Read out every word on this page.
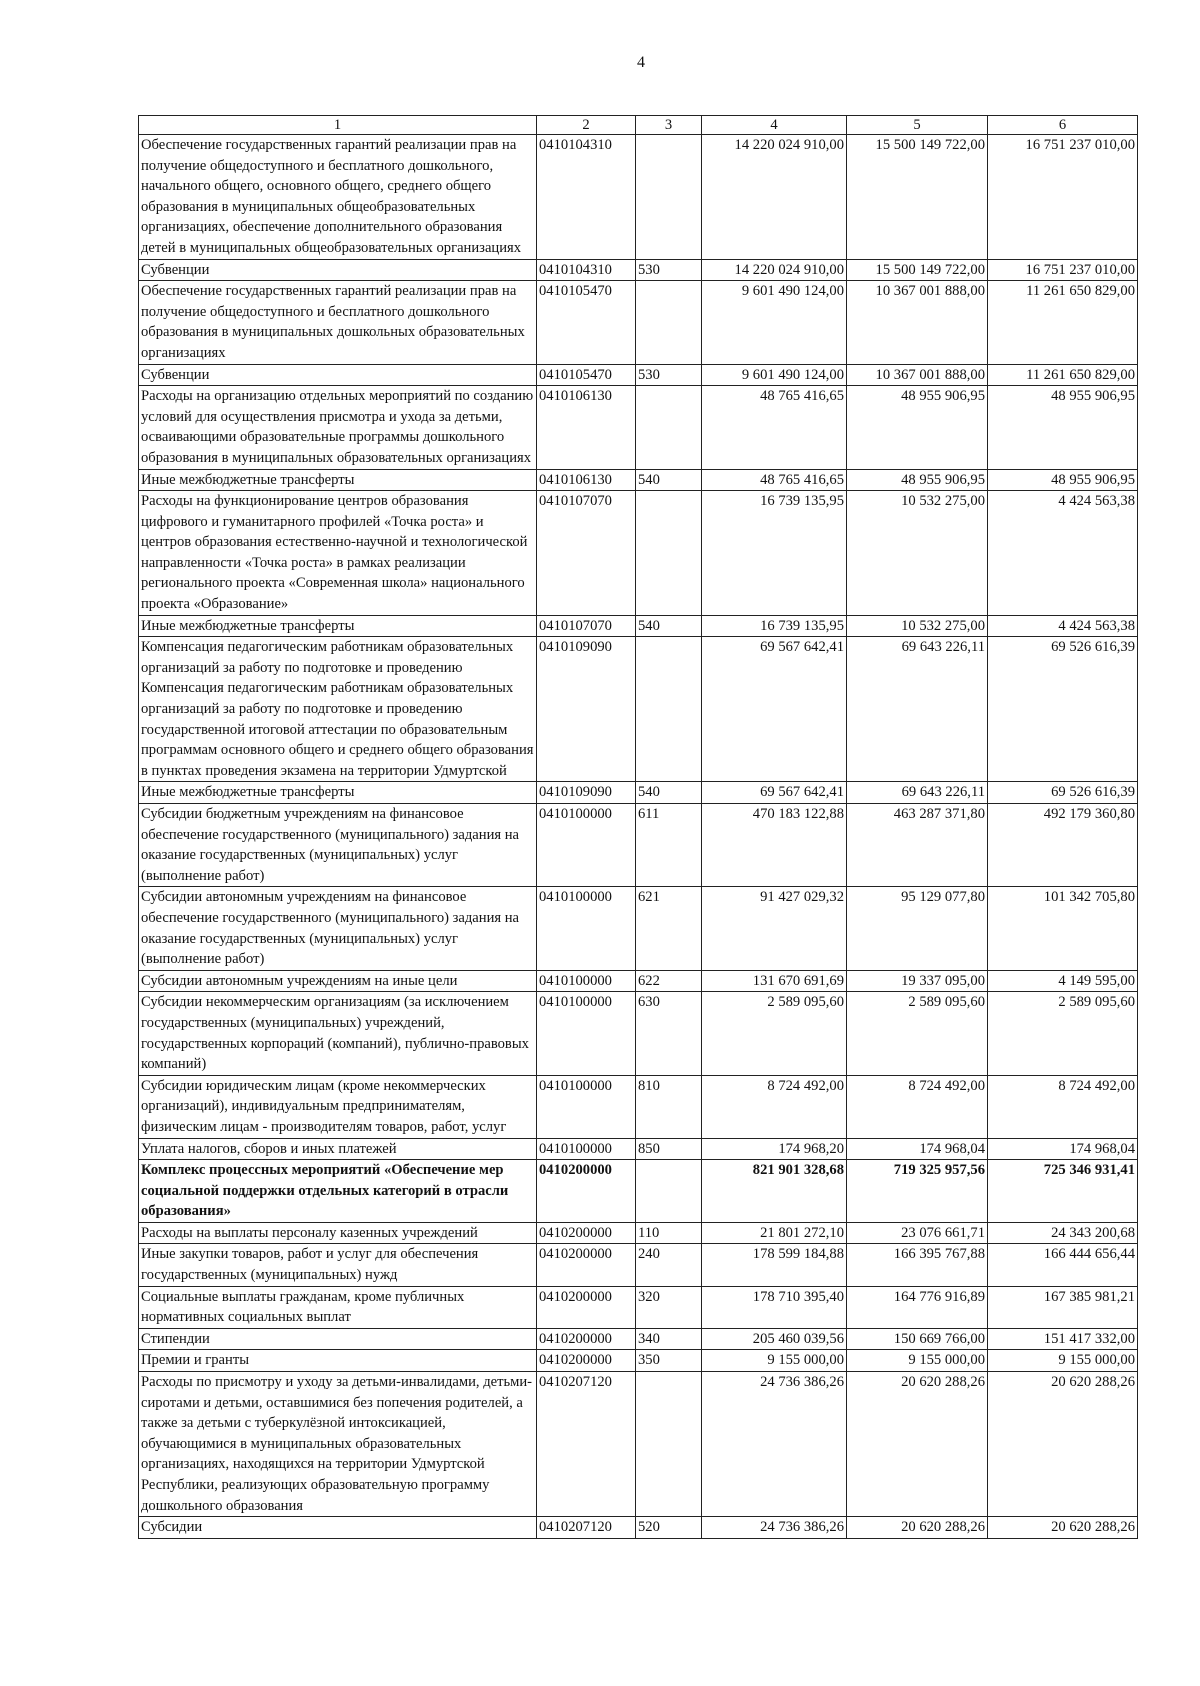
4
1	2	3	4	5	6
Обеспечение государственных гарантий реализации прав на получение общедоступного и бесплатного дошкольного, начального общего, основного общего, среднего общего образования в муниципальных общеобразовательных организациях, обеспечение дополнительного образования детей в муниципальных общеобразовательных организациях	0410104310		14 220 024 910,00	15 500 149 722,00	16 751 237 010,00
Субвенции	0410104310	530	14 220 024 910,00	15 500 149 722,00	16 751 237 010,00
Обеспечение государственных гарантий реализации прав на получение общедоступного и бесплатного дошкольного образования в муниципальных дошкольных образовательных организациях	0410105470		9 601 490 124,00	10 367 001 888,00	11 261 650 829,00
Субвенции	0410105470	530	9 601 490 124,00	10 367 001 888,00	11 261 650 829,00
Расходы на организацию отдельных мероприятий по созданию условий для осуществления присмотра и ухода за детьми, осваивающими образовательные программы дошкольного образования в муниципальных образовательных организациях	0410106130		48 765 416,65	48 955 906,95	48 955 906,95
Иные межбюджетные трансферты	0410106130	540	48 765 416,65	48 955 906,95	48 955 906,95
Расходы на функционирование центров образования цифрового и гуманитарного профилей «Точка роста» и центров образования естественно-научной и технологической направленности «Точка роста» в рамках реализации регионального проекта «Современная школа» национального проекта «Образование»	0410107070		16 739 135,95	10 532 275,00	4 424 563,38
Иные межбюджетные трансферты	0410107070	540	16 739 135,95	10 532 275,00	4 424 563,38
Компенсация педагогическим работникам образовательных организаций за работу по подготовке и проведению Компенсация педагогическим работникам образовательных организаций за работу по подготовке и проведению государственной итоговой аттестации по образовательным программам основного общего и среднего общего образования в пунктах проведения экзамена на территории Удмуртской	0410109090		69 567 642,41	69 643 226,11	69 526 616,39
Иные межбюджетные трансферты	0410109090	540	69 567 642,41	69 643 226,11	69 526 616,39
Субсидии бюджетным учреждениям на финансовое обеспечение государственного (муниципального) задания на оказание государственных (муниципальных) услуг (выполнение работ)	0410100000	611	470 183 122,88	463 287 371,80	492 179 360,80
Субсидии автономным учреждениям на финансовое обеспечение государственного (муниципального) задания на оказание государственных (муниципальных) услуг (выполнение работ)	0410100000	621	91 427 029,32	95 129 077,80	101 342 705,80
Субсидии автономным учреждениям на иные цели	0410100000	622	131 670 691,69	19 337 095,00	4 149 595,00
Субсидии некоммерческим организациям (за исключением государственных (муниципальных) учреждений, государственных корпораций (компаний), публично-правовых компаний)	0410100000	630	2 589 095,60	2 589 095,60	2 589 095,60
Субсидии юридическим лицам (кроме некоммерческих организаций), индивидуальным предпринимателям, физическим лицам - производителям товаров, работ, услуг	0410100000	810	8 724 492,00	8 724 492,00	8 724 492,00
Уплата налогов, сборов и иных платежей	0410100000	850	174 968,20	174 968,04	174 968,04
Комплекс процессных мероприятий «Обеспечение мер социальной поддержки отдельных категорий в отрасли образования»	0410200000		821 901 328,68	719 325 957,56	725 346 931,41
Расходы на выплаты персоналу казенных учреждений	0410200000	110	21 801 272,10	23 076 661,71	24 343 200,68
Иные закупки товаров, работ и услуг для обеспечения государственных (муниципальных) нужд	0410200000	240	178 599 184,88	166 395 767,88	166 444 656,44
Социальные выплаты гражданам, кроме публичных нормативных социальных выплат	0410200000	320	178 710 395,40	164 776 916,89	167 385 981,21
Стипендии	0410200000	340	205 460 039,56	150 669 766,00	151 417 332,00
Премии и гранты	0410200000	350	9 155 000,00	9 155 000,00	9 155 000,00
Расходы по присмотру и уходу за детьми-инвалидами, детьми-сиротами и детьми, оставшимися без попечения родителей, а также за детьми с туберкулёзной интоксикацией, обучающимися в муниципальных образовательных организациях, находящихся на территории Удмуртской Республики, реализующих образовательную программу дошкольного образования	0410207120		24 736 386,26	20 620 288,26	20 620 288,26
Субсидии	0410207120	520	24 736 386,26	20 620 288,26	20 620 288,26
